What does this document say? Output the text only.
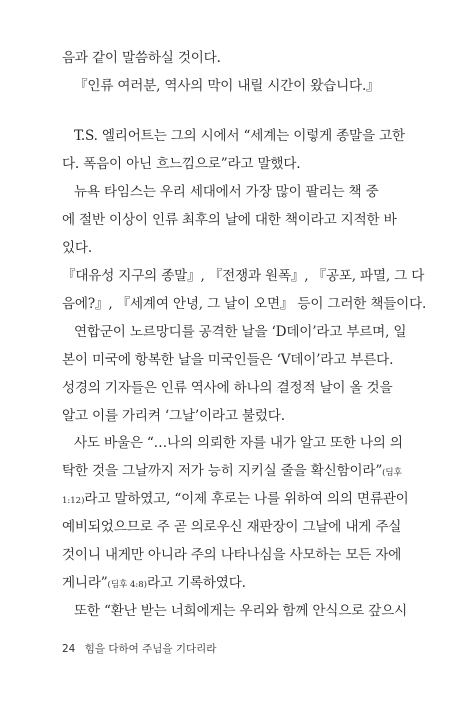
음과 같이 말씀하실 것이다.
『인류 여러분, 역사의 막이 내릴 시간이 왔습니다.』
T.S. 엘리어트는 그의 시에서 “세계는 이렇게 종말을 고한
다. 폭음이 아닌 흐느낌으로”라고 말했다.
뉴욕 타임스는 우리 세대에서 가장 많이 팔리는 책 중
에 절반 이상이 인류 최후의 날에 대한 책이라고 지적한 바
있다.
『대유성 지구의 종말』, 『전쟁과 원폭』, 『공포, 파멸, 그 다
음에?』, 『세계여 안녕, 그 날이 오면』 등이 그러한 책들이다.
연합군이 노르망디를 공격한 날을 ‘D데이’라고 부르며, 일
본이 미국에 항복한 날을 미국인들은 ‘V데이’라고 부른다.
성경의 기자들은 인류 역사에 하나의 결정적 날이 올 것을
알고 이를 가리켜 ‘그날’이라고 불렀다.
사도 바울은 “…나의 의뢰한 자를 내가 알고 또한 나의 의
탁한 것을 그날까지 저가 능히 지키실 줄을 확신함이라”(딤후
1:12)라고 말하였고, “이제 후로는 나를 위하여 의의 면류관이
예비되었으므로 주 곧 의로우신 재판장이 그날에 내게 주실
것이니 내게만 아니라 주의 나타나심을 사모하는 모든 자에
게니라”(딤후 4:8)라고 기록하였다.
또한 “환난 받는 너희에게는 우리와 함께 안식으로 갚으시
24 힘을 다하여 주님을 기다리라
